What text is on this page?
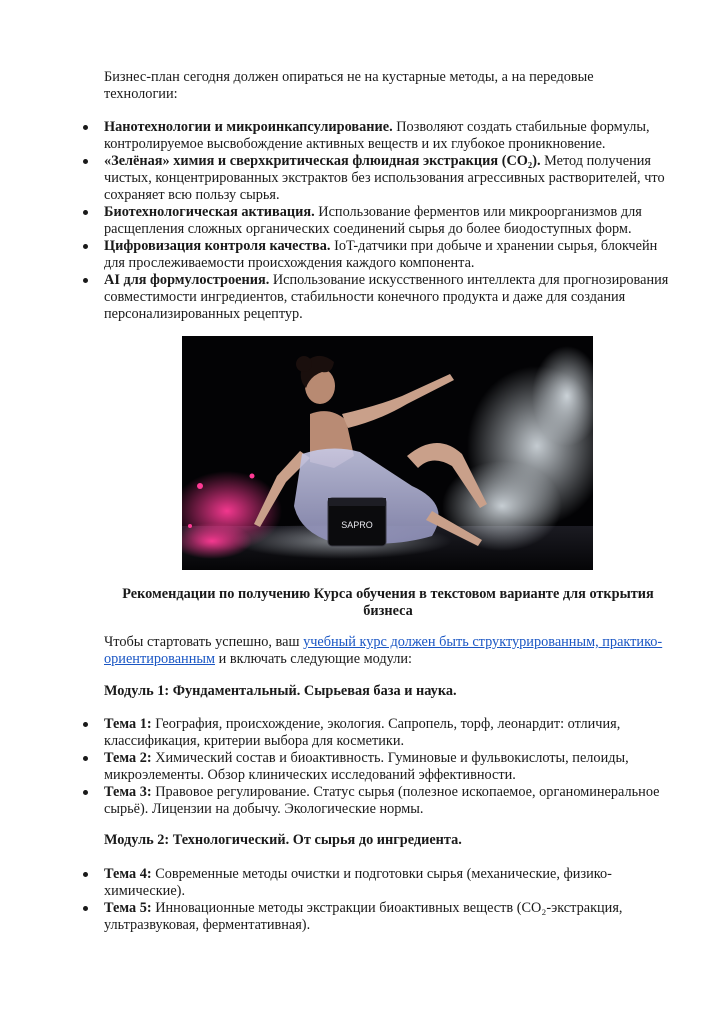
Бизнес-план сегодня должен опираться не на кустарные методы, а на передовые технологии:

Нанотехнологии и микроинкапсулирование. Позволяют создать стабильные формулы, контролируемое высвобождение активных веществ и их глубокое проникновение.
«Зелёная» химия и сверхкритическая флюидная экстракция (CO₂). Метод получения чистых, концентрированных экстрактов без использования агрессивных растворителей, что сохраняет всю пользу сырья.
Биотехнологическая активация. Использование ферментов или микроорганизмов для расщепления сложных органических соединений сырья до более биодоступных форм.
Цифровизация контроля качества. IoT-датчики при добыче и хранении сырья, блокчейн для прослеживаемости происхождения каждого компонента.
AI для формулостроения. Использование искусственного интеллекта для прогнозирования совместимости ингредиентов, стабильности конечного продукта и даже для создания персонализированных рецептур.
SAPRO

Рекомендации по получению Курса обучения в текстовом варианте для открытия бизнеса

Чтобы стартовать успешно, ваш учебный курс должен быть структурированным, практико-ориентированным и включать следующие модули:

Модуль 1: Фундаментальный. Сырьевая база и наука.

Тема 1: География, происхождение, экология. Сапропель, торф, леонардит: отличия, классификация, критерии выбора для косметики.
Тема 2: Химический состав и биоактивность. Гуминовые и фульвокислоты, пелоиды, микроэлементы. Обзор клинических исследований эффективности.
Тема 3: Правовое регулирование. Статус сырья (полезное ископаемое, органоминеральное сырьё). Лицензии на добычу. Экологические нормы.

Модуль 2: Технологический. От сырья до ингредиента.

Тема 4: Современные методы очистки и подготовки сырья (механические, физико-химические).
Тема 5: Инновационные методы экстракции биоактивных веществ (CO₂-экстракция, ультразвуковая, ферментативная).
